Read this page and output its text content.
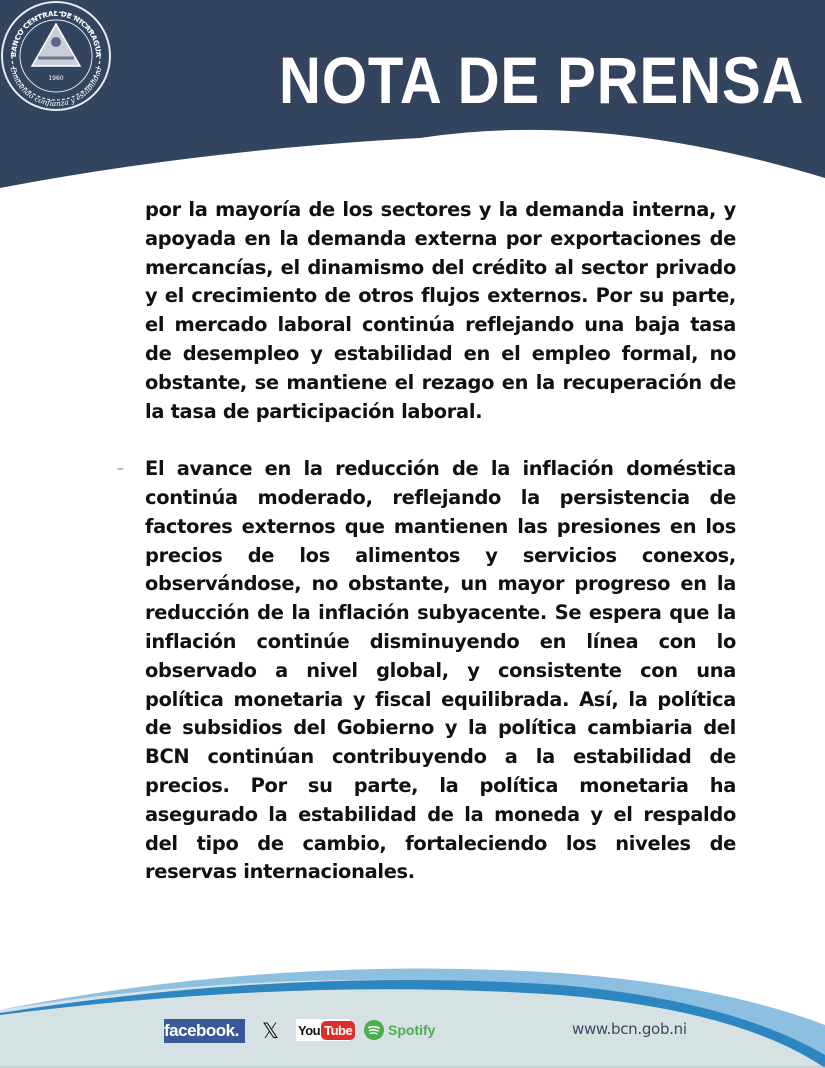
1960
BANCO CENTRAL DE NICARAGUA
Emitiendo confianza y estabilidad	NOTA DE PRENSA

por la mayoría de los sectores y la demanda interna, y apoyada en la demanda externa por exportaciones de mercancías, el dinamismo del crédito al sector privado y el crecimiento de otros flujos externos. Por su parte, el mercado laboral continúa reflejando una baja tasa de desempleo y estabilidad en el empleo formal, no obstante, se mantiene el rezago en la recuperación de la tasa de participación laboral.

– El avance en la reducción de la inflación doméstica continúa moderado, reflejando la persistencia de factores externos que mantienen las presiones en los precios de los alimentos y servicios conexos, observándose, no obstante, un mayor progreso en la reducción de la inflación subyacente. Se espera que la inflación continúe disminuyendo en línea con lo observado a nivel global, y consistente con una política monetaria y fiscal equilibrada. Así, la política de subsidios del Gobierno y la política cambiaria del BCN continúan contribuyendo a la estabilidad de precios. Por su parte, la política monetaria ha asegurado la estabilidad de la moneda y el respaldo del tipo de cambio, fortaleciendo los niveles de reservas internacionales.
facebook. 𝕏 You Tube	Spotify	www.bcn.gob.ni
